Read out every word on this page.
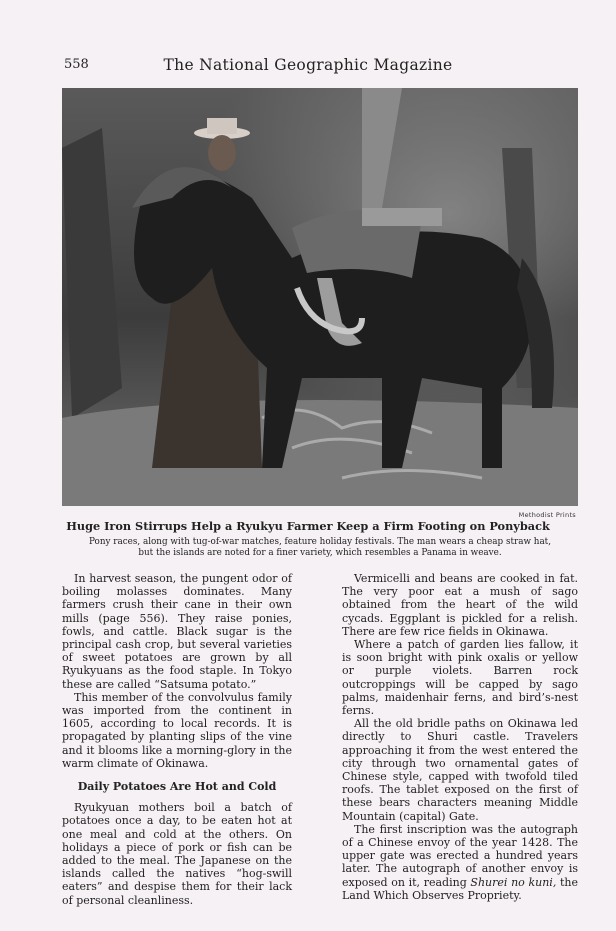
558	The National Geographic Magazine
Methodist Prints
Huge Iron Stirrups Help a Ryukyu Farmer Keep a Firm Footing on Ponyback
Pony races, along with tug-of-war matches, feature holiday festivals. The man wears a cheap straw hat,
but the islands are noted for a finer variety, which resembles a Panama in weave.

In harvest season, the pungent odor of boiling molasses dominates. Many farmers crush their cane in their own mills (page 556). They raise ponies, fowls, and cattle. Black sugar is the principal cash crop, but several varieties of sweet potatoes are grown by all Ryukyuans as the food staple. In Tokyo these are called “Satsuma potato.”

This member of the convolvulus family was imported from the continent in 1605, according to local records. It is propagated by planting slips of the vine and it blooms like a morning-glory in the warm climate of Okinawa.

Daily Potatoes Are Hot and Cold

Ryukyuan mothers boil a batch of potatoes once a day, to be eaten hot at one meal and cold at the others. On holidays a piece of pork or fish can be added to the meal. The Japanese on the islands called the natives “hog-swill eaters” and despise them for their lack of personal cleanliness.

Vermicelli and beans are cooked in fat. The very poor eat a mush of sago obtained from the heart of the wild cycads. Eggplant is pickled for a relish. There are few rice fields in Okinawa.

Where a patch of garden lies fallow, it is soon bright with pink oxalis or yellow or purple violets. Barren rock outcroppings will be capped by sago palms, maidenhair ferns, and bird’s-nest ferns.

All the old bridle paths on Okinawa led directly to Shuri castle. Travelers approaching it from the west entered the city through two ornamental gates of Chinese style, capped with twofold tiled roofs. The tablet exposed on the first of these bears characters meaning Middle Mountain (capital) Gate.

The first inscription was the autograph of a Chinese envoy of the year 1428. The upper gate was erected a hundred years later. The autograph of another envoy is exposed on it, reading Shurei no kuni, the Land Which Observes Propriety.
